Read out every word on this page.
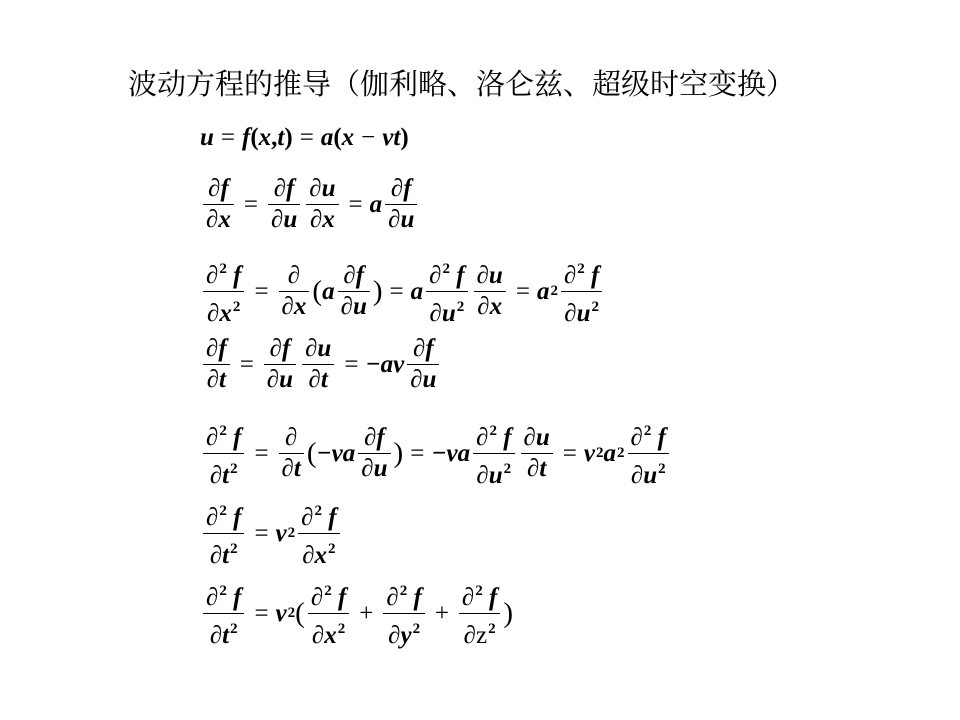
波动方程的推导（伽利略、洛仑兹、超级时空变换）
u = f ( x , t ) = a ( x − v t )
$\frac{\partial f}{\partial x} = \frac{\partial f}{\partial u} \frac{\partial u}{\partial x} = a \frac{\partial f}{\partial u}$
$\frac{\partial^2 f}{\partial x^2} = \frac{\partial}{\partial x}$ ( a $\frac{\partial f}{\partial u}$ ) = a $\frac{\partial^2 f}{\partial u^2} \frac{\partial u}{\partial x} = a$ $2 \frac{\partial^2 f}{\partial u^2}$
$\frac{\partial f}{\partial t} = \frac{\partial f}{\partial u} \frac{\partial u}{\partial t} = -av \frac{\partial f}{\partial u}$
$\frac{\partial^2 f}{\partial t^2} = \frac{\partial}{\partial t}$ ( $-va \frac{\partial f}{\partial u}$ ) = $-va \frac{\partial^2 f}{\partial u^2} \frac{\partial u}{\partial t} = v$ 2 a $2 \frac{\partial^2 f}{\partial u^2}$
$\frac{\partial^2 f}{\partial t^2} = v$ $2 \frac{\partial^2 f}{\partial x^2}$
$\frac{\partial^2 f}{\partial t^2} = v$ 2 ( $\frac{\partial^2 f}{\partial x^2} + \frac{\partial^2 f}{\partial y^2} + \frac{\partial^2 f}{\partial z^2}$ )
